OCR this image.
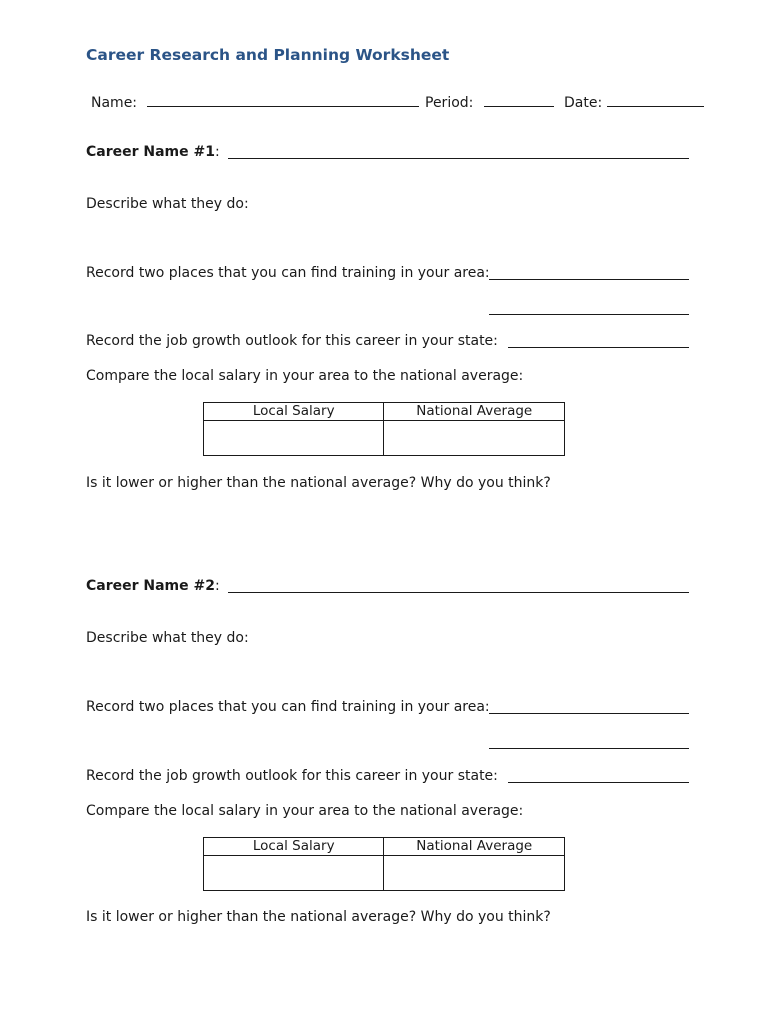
Career Research and Planning Worksheet
Name:	Period:	Date:
Career Name #1:
Describe what they do:
Record two places that you can find training in your area:
Record the job growth outlook for this career in your state:
Compare the local salary in your area to the national average:
Local Salary	National Average

Is it lower or higher than the national average? Why do you think?
Career Name #2:
Describe what they do:
Record two places that you can find training in your area:
Record the job growth outlook for this career in your state:
Compare the local salary in your area to the national average:
Local Salary	National Average

Is it lower or higher than the national average? Why do you think?
